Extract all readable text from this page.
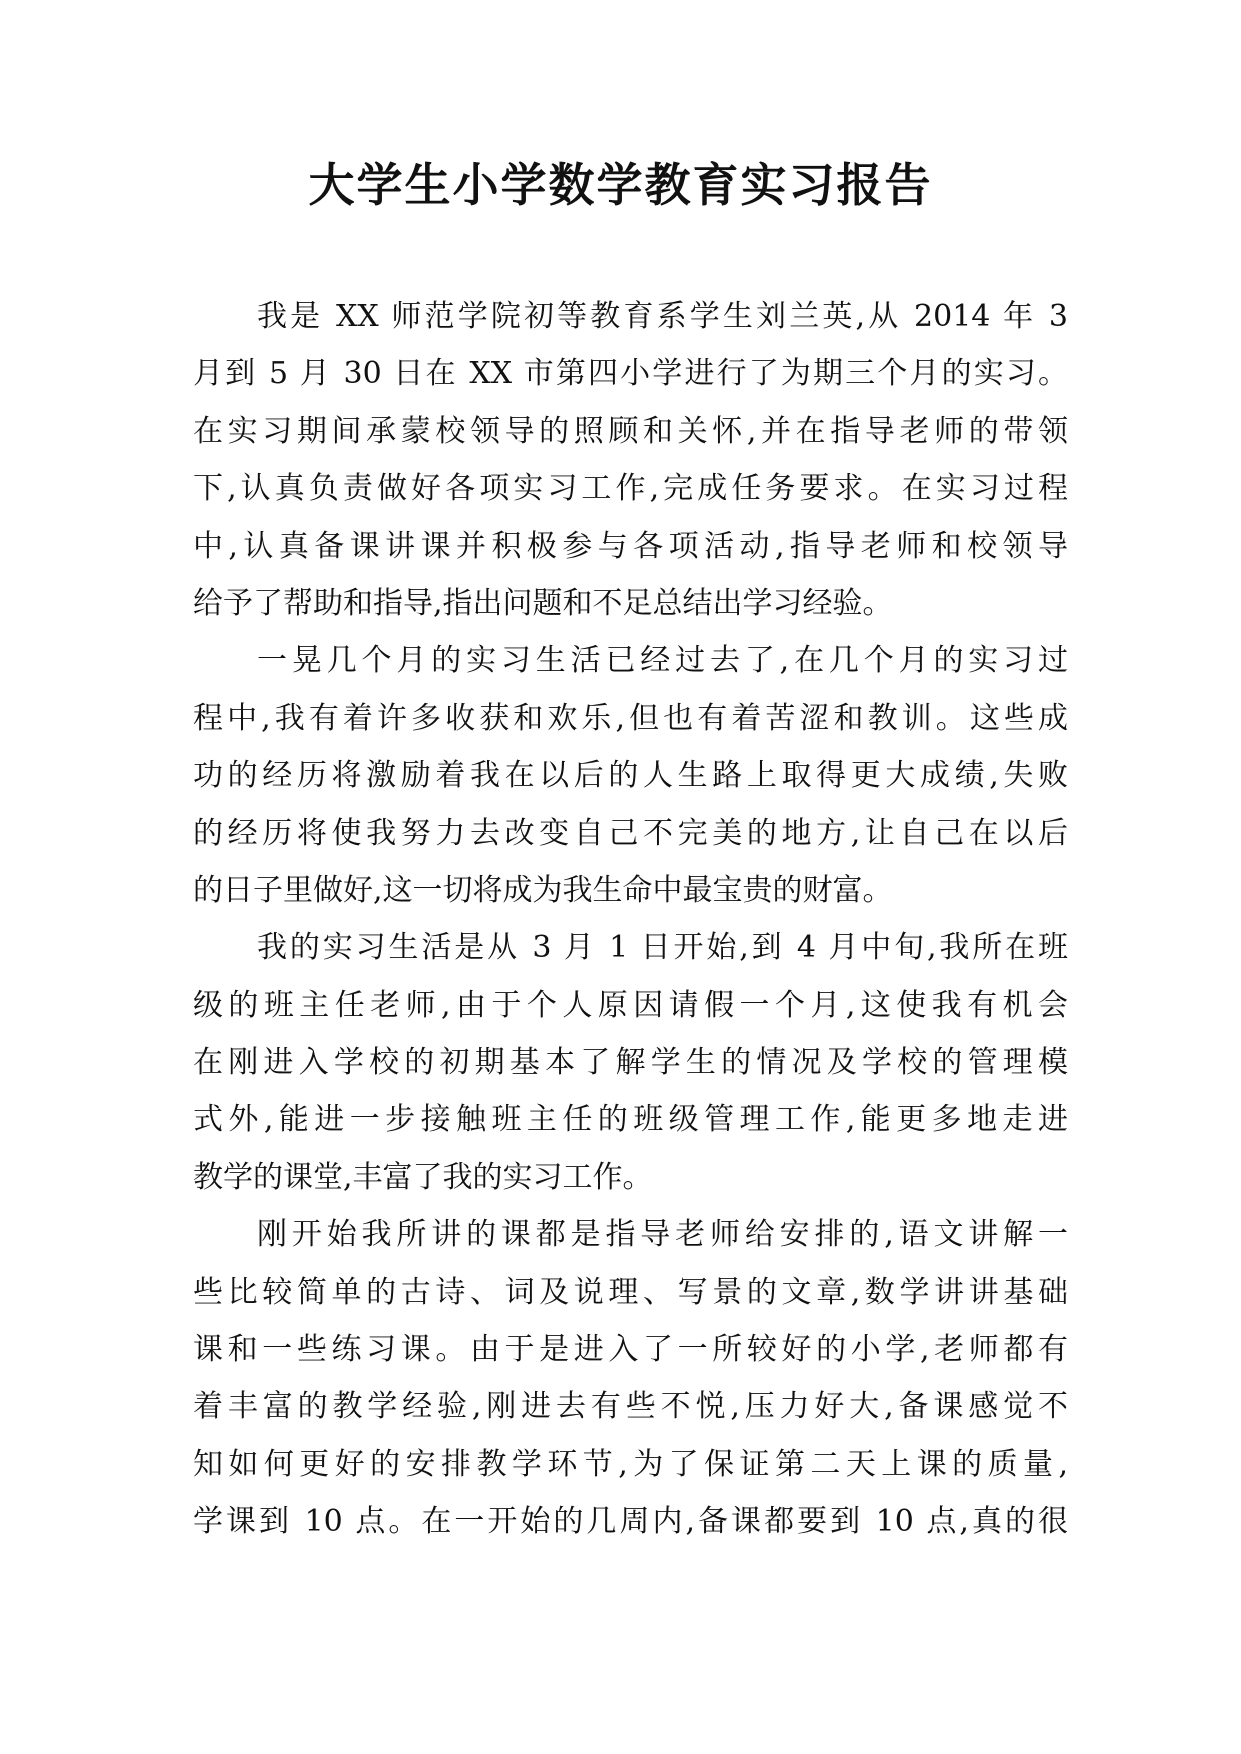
大学生小学数学教育实习报告
我是 XX 师范学院初等教育系学生刘兰英,从 2014 年 3
月到 5 月 30 日在 XX 市第四小学进行了为期三个月的实习。
在实习期间承蒙校领导的照顾和关怀,并在指导老师的带领
下,认真负责做好各项实习工作,完成任务要求。在实习过程
中,认真备课讲课并积极参与各项活动,指导老师和校领导
给予了帮助和指导,指出问题和不足总结出学习经验。
一晃几个月的实习生活已经过去了,在几个月的实习过
程中,我有着许多收获和欢乐,但也有着苦涩和教训。这些成
功的经历将激励着我在以后的人生路上取得更大成绩,失败
的经历将使我努力去改变自己不完美的地方,让自己在以后
的日子里做好,这一切将成为我生命中最宝贵的财富。
我的实习生活是从 3 月 1 日开始,到 4 月中旬,我所在班
级的班主任老师,由于个人原因请假一个月,这使我有机会
在刚进入学校的初期基本了解学生的情况及学校的管理模
式外,能进一步接触班主任的班级管理工作,能更多地走进
教学的课堂,丰富了我的实习工作。
刚开始我所讲的课都是指导老师给安排的,语文讲解一
些比较简单的古诗、词及说理、写景的文章,数学讲讲基础
课和一些练习课。由于是进入了一所较好的小学,老师都有
着丰富的教学经验,刚进去有些不悦,压力好大,备课感觉不
知如何更好的安排教学环节,为了保证第二天上课的质量,
学课到 10 点。在一开始的几周内,备课都要到 10 点,真的很
